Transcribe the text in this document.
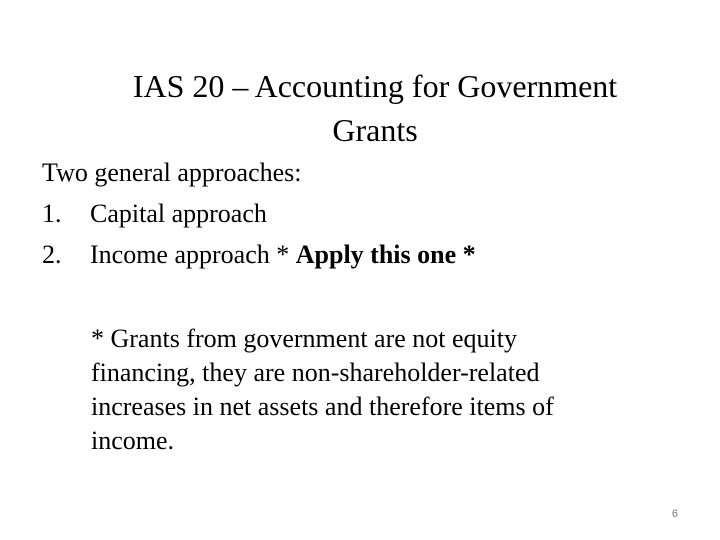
IAS 20 – Accounting for Government
Grants
Two general approaches:
1.	Capital approach
2.	Income approach * Apply this one *
* Grants from government are not equity
financing, they are non-shareholder-related
increases in net assets and therefore items of
income.
6
